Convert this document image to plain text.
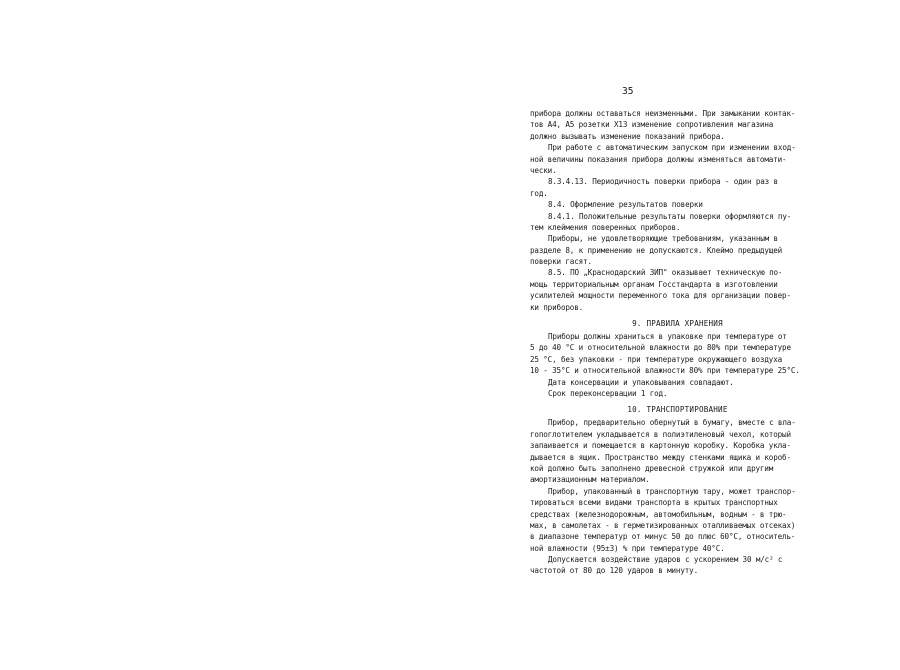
35
прибора должны оставаться неизменными. При замыкании контак-
тов А4, А5 розетки Х13 изменение сопротивления магазина
должно вызывать изменение показаний прибора.
При работе с автоматическим запуском при изменении вход-
ной величины показания прибора должны изменяться автомати-
чески.
8.3.4.13. Периодичность поверки прибора - один раз в
год.
8.4. Оформление результатов поверки
8.4.1. Положительные результаты поверки оформляются пу-
тем клеймения поверенных приборов.
Приборы, не удовлетворяющие требованиям, указанным в
разделе 8, к применению не допускаются. Клеймо предыдущей
поверки гасят.
8.5. ПО „Краснодарский ЗИП" оказывает техническую по-
мощь территориальным органам Госстандарта в изготовлении
усилителей мощности переменного тока для организации повер-
ки приборов.
9. ПРАВИЛА ХРАНЕНИЯ
Приборы должны храниться в упаковке при температуре от
5 до 40 °С и относительной влажности до 80% при температуре
25 °С, без упаковки - при температуре окружающего воздуха
10 - 35°С и относительной влажности 80% при температуре 25°С.
Дата консервации и упаковывания совпадают.
Срок переконсервации 1 год.
10. ТРАНСПОРТИРОВАНИЕ
Прибор, предварительно обернутый в бумагу, вместе с вла-
гопоглотителем укладывается в полиэтиленовый чехол, который
запаивается и помещается в картонную коробку. Коробка укла-
дывается в ящик. Пространство между стенками ящика и короб-
кой должно быть заполнено древесной стружкой или другим
амортизационным материалом.
Прибор, упакованный в транспортную тару, может транспор-
тироваться всеми видами транспорта в крытых транспортных
средствах (железнодорожным, автомобильным, водным - в трю-
мах, в самолетах - в герметизированных отапливаемых отсеках)
в диапазоне температур от минус 50 до плюс 60°С, относитель-
ной влажности (95±3) % при температуре 40°С.
Допускается воздействие ударов с ускорением 30 м/с² с
частотой от 80 до 120 ударов в минуту.
